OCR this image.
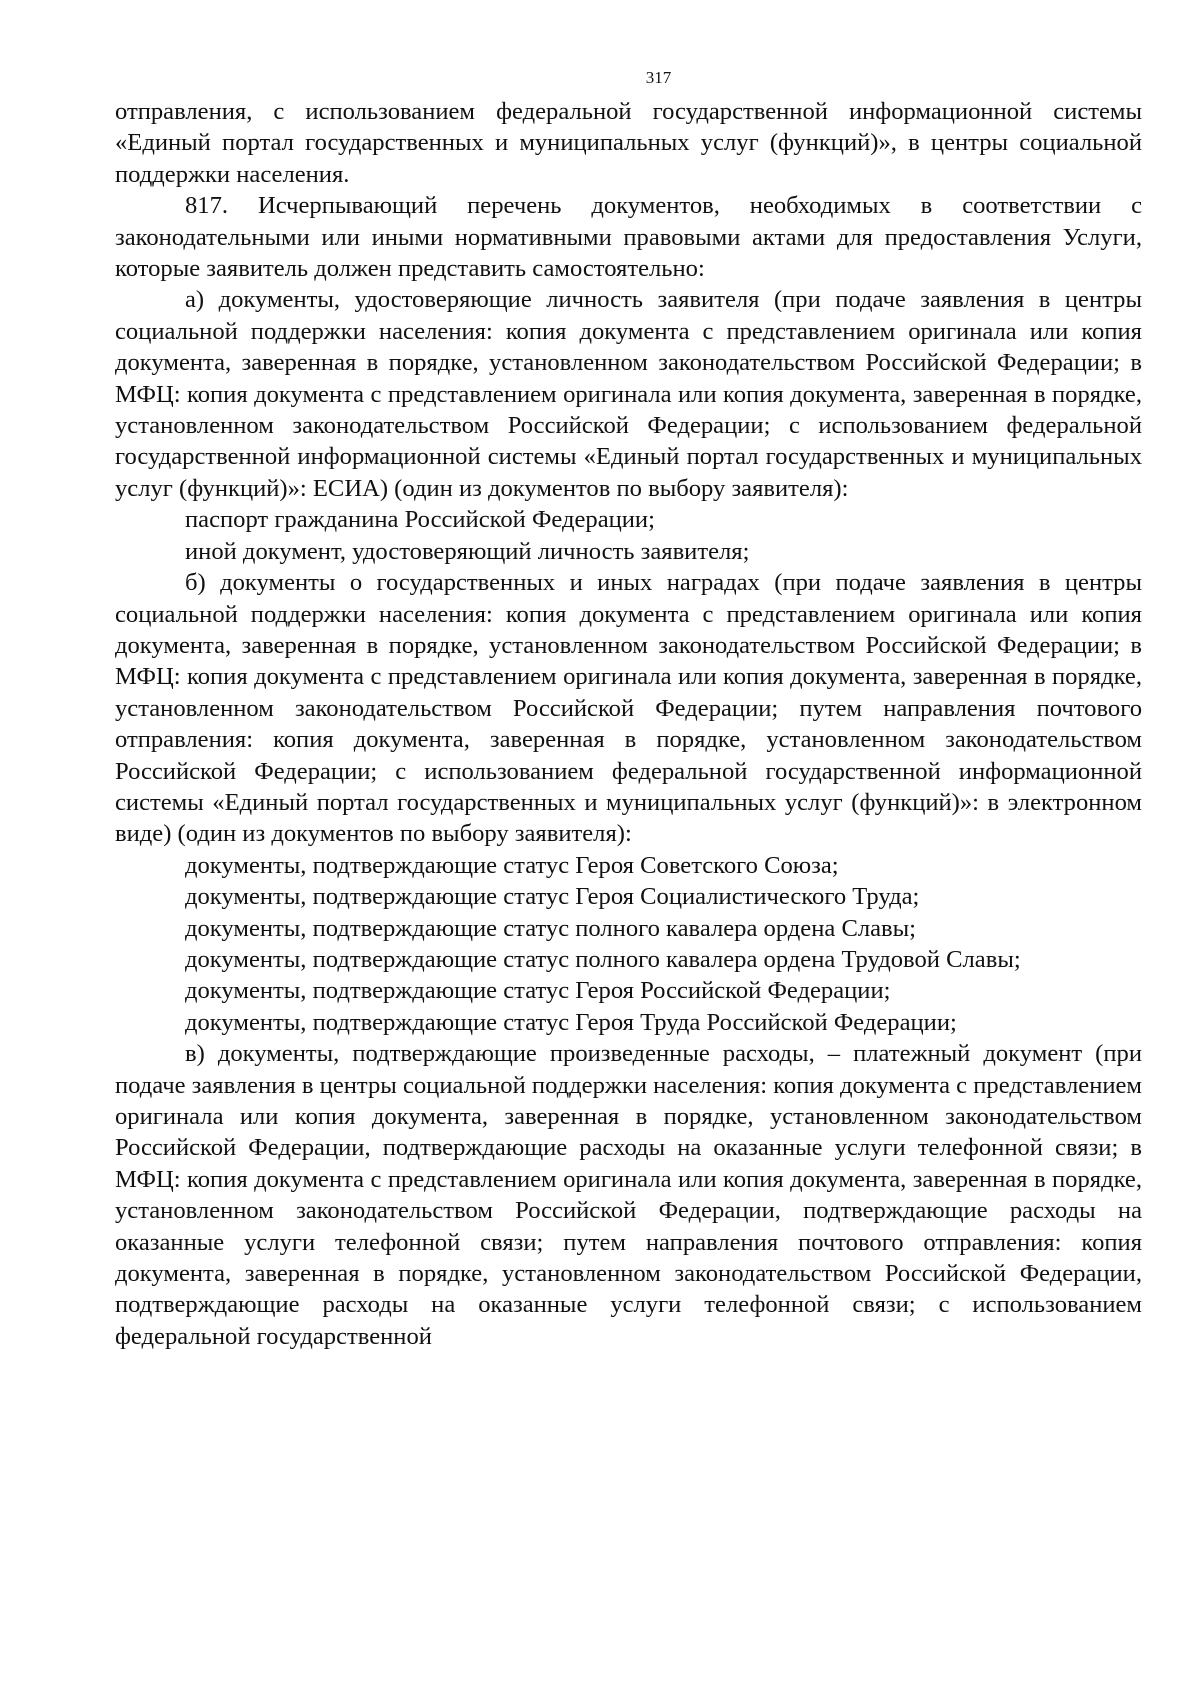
317

отправления, с использованием федеральной государственной информационной системы «Единый портал государственных и муниципальных услуг (функций)», в центры социальной поддержки населения.

817. Исчерпывающий перечень документов, необходимых в соответствии с законодательными или иными нормативными правовыми актами для предоставления Услуги, которые заявитель должен представить самостоятельно:

а) документы, удостоверяющие личность заявителя (при подаче заявления в центры социальной поддержки населения: копия документа с представлением оригинала или копия документа, заверенная в порядке, установленном законодательством Российской Федерации; в МФЦ: копия документа с представлением оригинала или копия документа, заверенная в порядке, установленном законодательством Российской Федерации; с использованием федеральной государственной информационной системы «Единый портал государственных и муниципальных услуг (функций)»: ЕСИА) (один из документов по выбору заявителя):

паспорт гражданина Российской Федерации;

иной документ, удостоверяющий личность заявителя;

б) документы о государственных и иных наградах (при подаче заявления в центры социальной поддержки населения: копия документа с представлением оригинала или копия документа, заверенная в порядке, установленном законодательством Российской Федерации; в МФЦ: копия документа с представлением оригинала или копия документа, заверенная в порядке, установленном законодательством Российской Федерации; путем направления почтового отправления: копия документа, заверенная в порядке, установленном законодательством Российской Федерации; с использованием федеральной государственной информационной системы «Единый портал государственных и муниципальных услуг (функций)»: в электронном виде) (один из документов по выбору заявителя):

документы, подтверждающие статус Героя Советского Союза;

документы, подтверждающие статус Героя Социалистического Труда;

документы, подтверждающие статус полного кавалера ордена Славы;

документы, подтверждающие статус полного кавалера ордена Трудовой Славы;

документы, подтверждающие статус Героя Российской Федерации;

документы, подтверждающие статус Героя Труда Российской Федерации;

в) документы, подтверждающие произведенные расходы, – платежный документ (при подаче заявления в центры социальной поддержки населения: копия документа с представлением оригинала или копия документа, заверенная в порядке, установленном законодательством Российской Федерации, подтверждающие расходы на оказанные услуги телефонной связи; в МФЦ: копия документа с представлением оригинала или копия документа, заверенная в порядке, установленном законодательством Российской Федерации, подтверждающие расходы на оказанные услуги телефонной связи; путем направления почтового отправления: копия документа, заверенная в порядке, установленном законодательством Российской Федерации, подтверждающие расходы на оказанные услуги телефонной связи; с использованием федеральной государственной
